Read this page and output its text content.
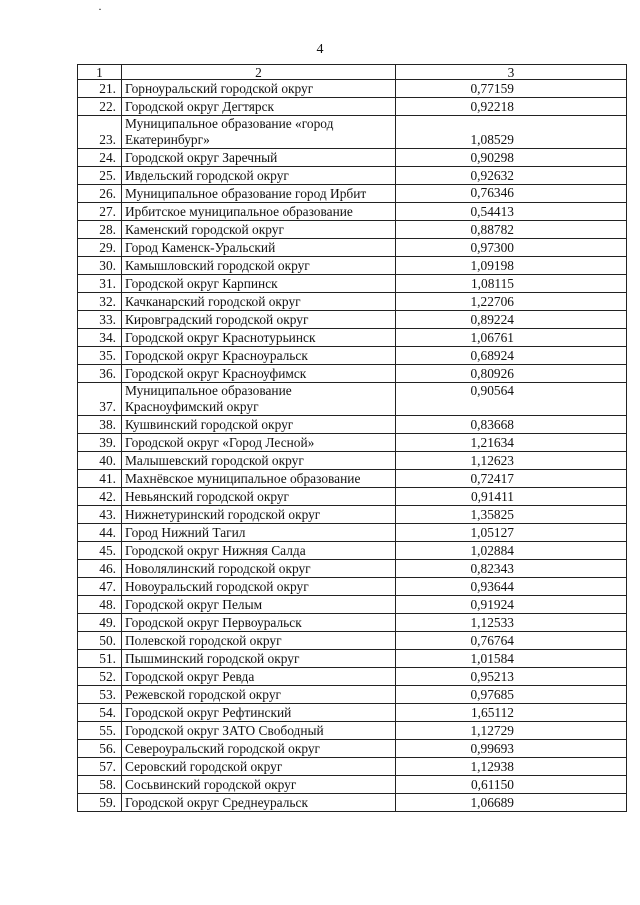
·
4
1	2	3
21.	Горноуральский городской округ	0,77159
22.	Городской округ Дегтярск	0,92218
23.	Муниципальное образование «город Екатеринбург»	1,08529
24.	Городской округ Заречный	0,90298
25.	Ивдельский городской округ	0,92632
26.	Муниципальное образование город Ирбит	0,76346
27.	Ирбитское муниципальное образование	0,54413
28.	Каменский городской округ	0,88782
29.	Город Каменск-Уральский	0,97300
30.	Камышловский городской округ	1,09198
31.	Городской округ Карпинск	1,08115
32.	Качканарский городской округ	1,22706
33.	Кировградский городской округ	0,89224
34.	Городской округ Краснотурьинск	1,06761
35.	Городской округ Красноуральск	0,68924
36.	Городской округ Красноуфимск	0,80926
37.	Муниципальное образование Красноуфимский округ	0,90564
38.	Кушвинский городской округ	0,83668
39.	Городской округ «Город Лесной»	1,21634
40.	Малышевский городской округ	1,12623
41.	Махнёвское муниципальное образование	0,72417
42.	Невьянский городской округ	0,91411
43.	Нижнетуринский городской округ	1,35825
44.	Город Нижний Тагил	1,05127
45.	Городской округ Нижняя Салда	1,02884
46.	Новолялинский городской округ	0,82343
47.	Новоуральский городской округ	0,93644
48.	Городской округ Пелым	0,91924
49.	Городской округ Первоуральск	1,12533
50.	Полевской городской округ	0,76764
51.	Пышминский городской округ	1,01584
52.	Городской округ Ревда	0,95213
53.	Режевской городской округ	0,97685
54.	Городской округ Рефтинский	1,65112
55.	Городской округ ЗАТО Свободный	1,12729
56.	Североуральский городской округ	0,99693
57.	Серовский городской округ	1,12938
58.	Сосьвинский городской округ	0,61150
59.	Городской округ Среднеуральск	1,06689
